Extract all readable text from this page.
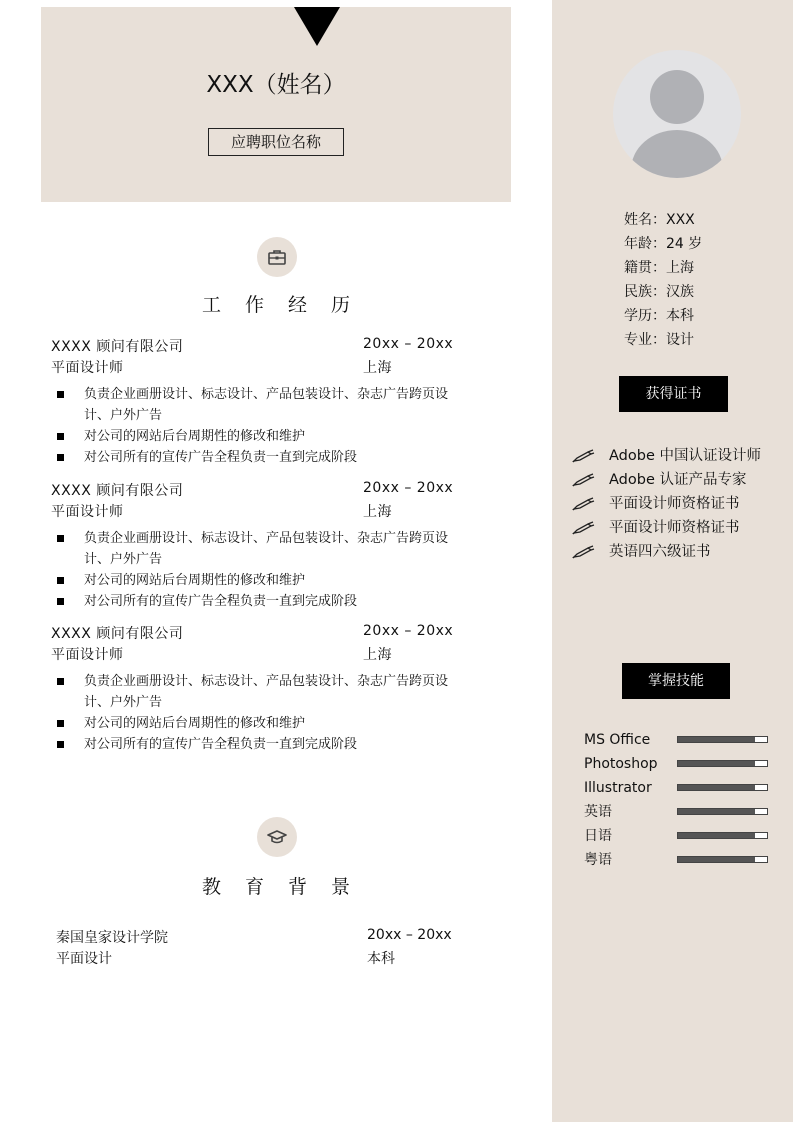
XXX（姓名）
应聘职位名称
工 作 经 历
XXXX 顾问有限公司	20xx – 20xx
平面设计师	上海
负责企业画册设计、标志设计、产品包装设计、杂志广告跨页设计、户外广告
对公司的网站后台周期性的修改和维护
对公司所有的宣传广告全程负责一直到完成阶段
XXXX 顾问有限公司	20xx – 20xx
平面设计师	上海
负责企业画册设计、标志设计、产品包装设计、杂志广告跨页设计、户外广告
对公司的网站后台周期性的修改和维护
对公司所有的宣传广告全程负责一直到完成阶段
XXXX 顾问有限公司	20xx – 20xx
平面设计师	上海
负责企业画册设计、标志设计、产品包装设计、杂志广告跨页设计、户外广告
对公司的网站后台周期性的修改和维护
对公司所有的宣传广告全程负责一直到完成阶段
教 育 背 景
秦国皇家设计学院	20xx – 20xx
平面设计	本科
姓名：XXX
年龄：24 岁
籍贯：上海
民族：汉族
学历：本科
专业：设计
获得证书
Adobe 中国认证设计师
Adobe 认证产品专家
平面设计师资格证书
平面设计师资格证书
英语四六级证书
掌握技能
MS Office
Photoshop
Illustrator
英语
日语
粤语
